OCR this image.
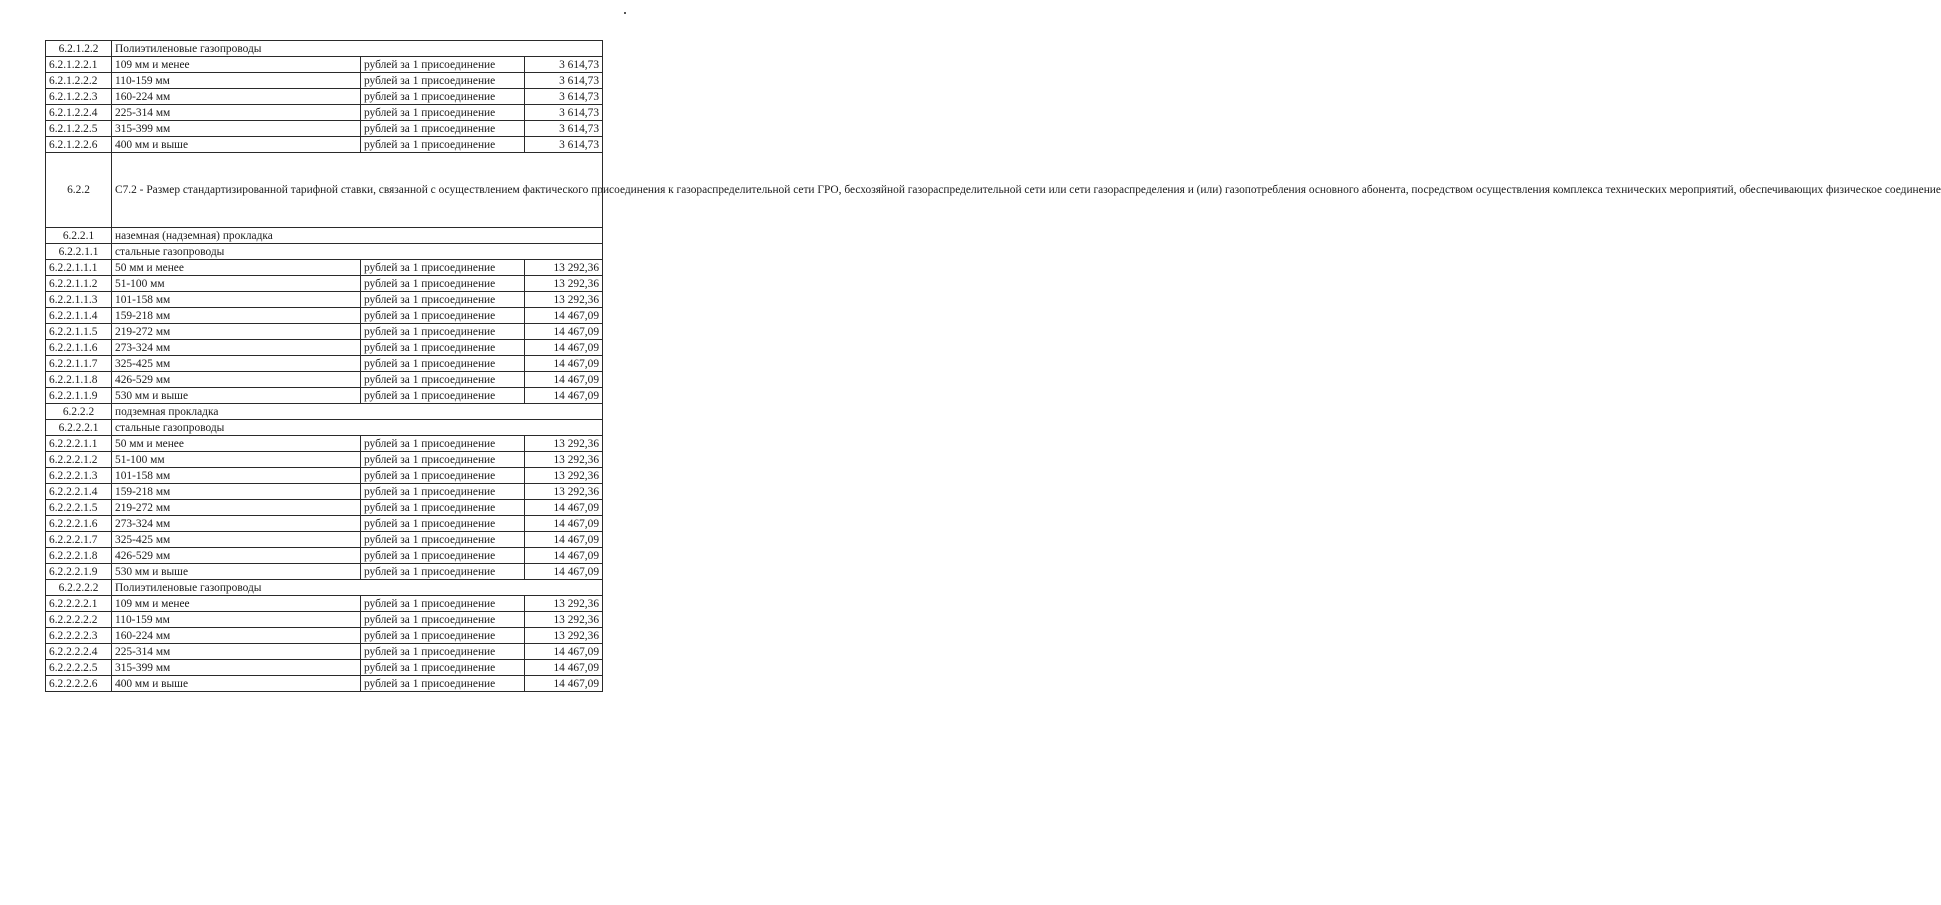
6.2.1.2.2	Полиэтиленовые газопроводы		
6.2.1.2.2.1	109 мм и менее	рублей за 1 присоединение	3 614,73
6.2.1.2.2.2	110-159 мм	рублей за 1 присоединение	3 614,73
6.2.1.2.2.3	160-224 мм	рублей за 1 присоединение	3 614,73
6.2.1.2.2.4	225-314 мм	рублей за 1 присоединение	3 614,73
6.2.1.2.2.5	315-399 мм	рублей за 1 присоединение	3 614,73
6.2.1.2.2.6	400 мм и выше	рублей за 1 присоединение	3 614,73
6.2.2	С7.2 - Размер стандартизированной тарифной ставки, связанной с осуществлением фактического присоединения к газораспределительной сети ГРО, бесхозяйной газораспределительной сети или сети газораспределения и (или) газопотребления основного абонента, посредством осуществления комплекса технических мероприятий, обеспечивающих физическое соединение		
6.2.2.1	наземная (надземная) прокладка		
6.2.2.1.1	стальные газопроводы		
6.2.2.1.1.1	50 мм и менее	рублей за 1 присоединение	13 292,36
6.2.2.1.1.2	51-100 мм	рублей за 1 присоединение	13 292,36
6.2.2.1.1.3	101-158 мм	рублей за 1 присоединение	13 292,36
6.2.2.1.1.4	159-218 мм	рублей за 1 присоединение	14 467,09
6.2.2.1.1.5	219-272 мм	рублей за 1 присоединение	14 467,09
6.2.2.1.1.6	273-324 мм	рублей за 1 присоединение	14 467,09
6.2.2.1.1.7	325-425 мм	рублей за 1 присоединение	14 467,09
6.2.2.1.1.8	426-529 мм	рублей за 1 присоединение	14 467,09
6.2.2.1.1.9	530 мм и выше	рублей за 1 присоединение	14 467,09
6.2.2.2	подземная прокладка		
6.2.2.2.1	стальные газопроводы		
6.2.2.2.1.1	50 мм и менее	рублей за 1 присоединение	13 292,36
6.2.2.2.1.2	51-100 мм	рублей за 1 присоединение	13 292,36
6.2.2.2.1.3	101-158 мм	рублей за 1 присоединение	13 292,36
6.2.2.2.1.4	159-218 мм	рублей за 1 присоединение	13 292,36
6.2.2.2.1.5	219-272 мм	рублей за 1 присоединение	14 467,09
6.2.2.2.1.6	273-324 мм	рублей за 1 присоединение	14 467,09
6.2.2.2.1.7	325-425 мм	рублей за 1 присоединение	14 467,09
6.2.2.2.1.8	426-529 мм	рублей за 1 присоединение	14 467,09
6.2.2.2.1.9	530 мм и выше	рублей за 1 присоединение	14 467,09
6.2.2.2.2	Полиэтиленовые газопроводы		
6.2.2.2.2.1	109 мм и менее	рублей за 1 присоединение	13 292,36
6.2.2.2.2.2	110-159 мм	рублей за 1 присоединение	13 292,36
6.2.2.2.2.3	160-224 мм	рублей за 1 присоединение	13 292,36
6.2.2.2.2.4	225-314 мм	рублей за 1 присоединение	14 467,09
6.2.2.2.2.5	315-399 мм	рублей за 1 присоединение	14 467,09
6.2.2.2.2.6	400 мм и выше	рублей за 1 присоединение	14 467,09
